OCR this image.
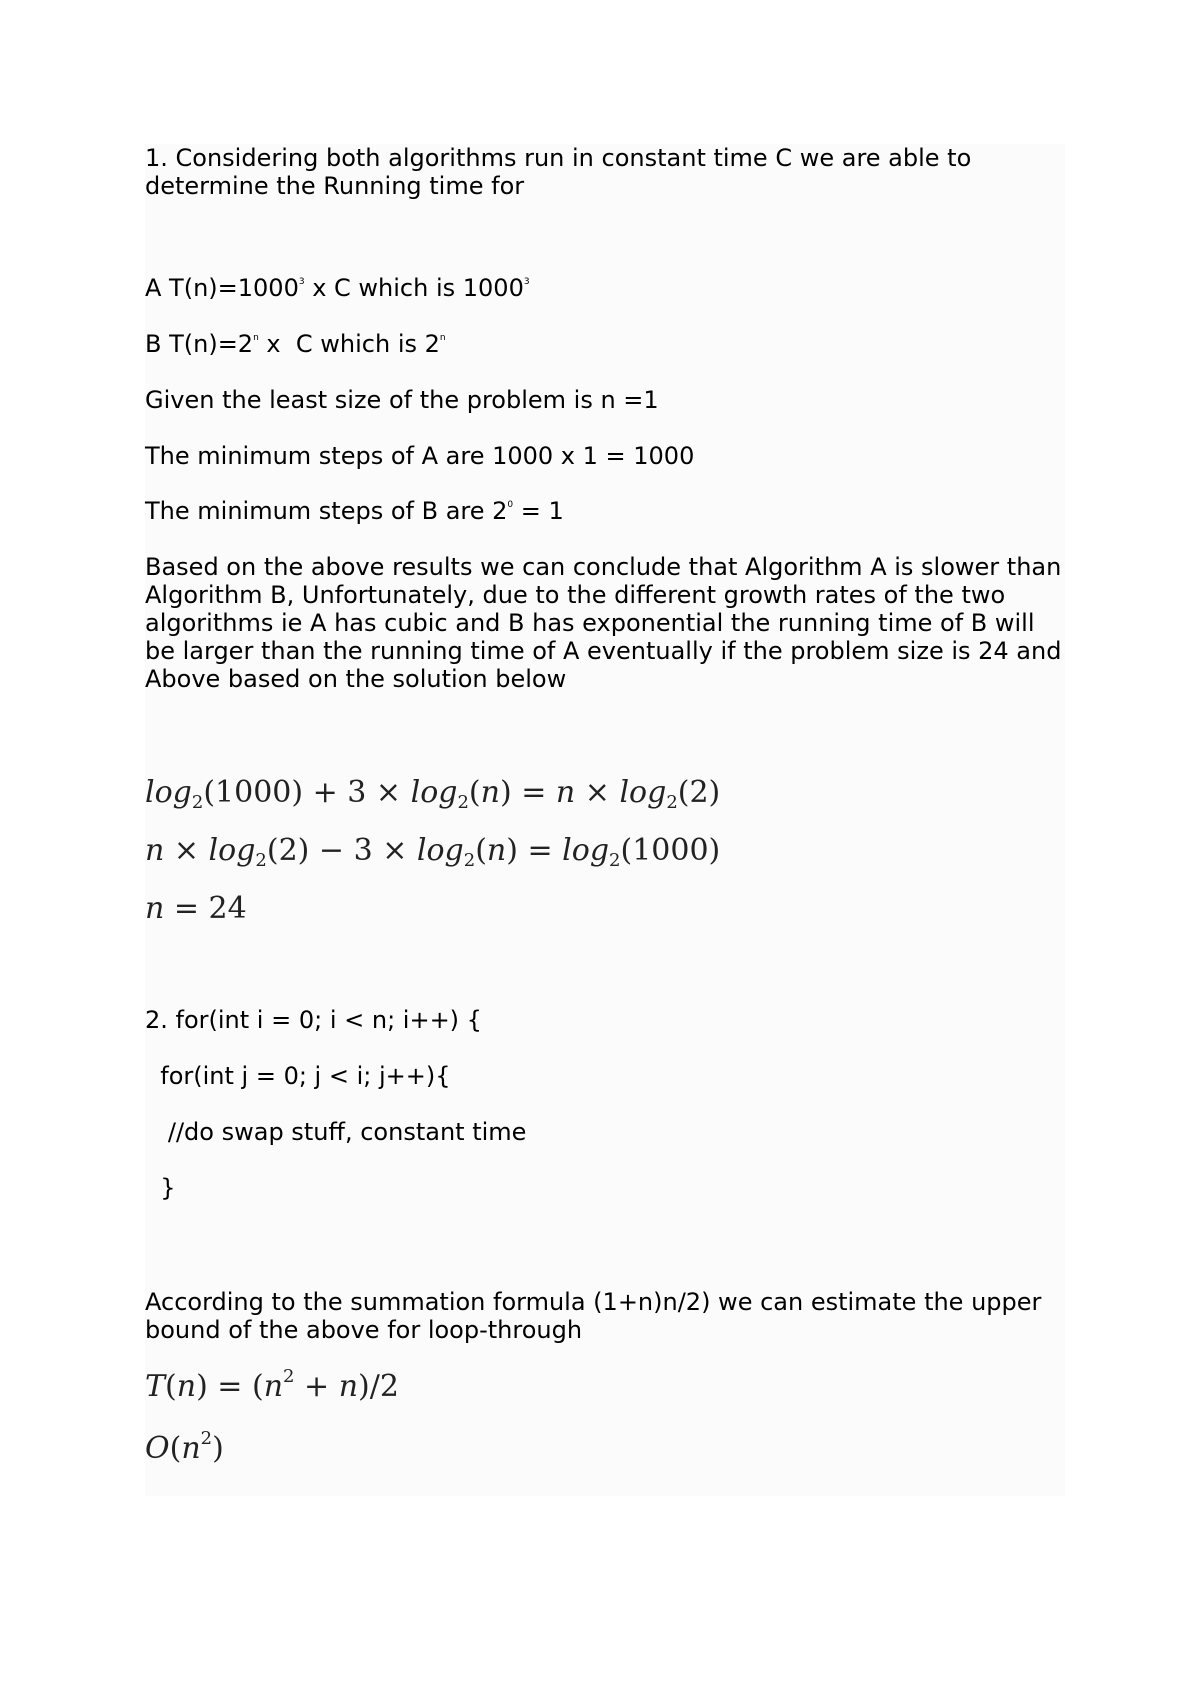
1. Considering both algorithms run in constant time C we are able to determine the Running time for

A $T(n)=1000^3$ x C which is 1000$^3$

B $T(n)=2^n$ x  C which is 2$^n$

Given the least size of the problem is n =1

The minimum steps of A are 1000 x 1 = 1000

The minimum steps of B are $2^0 = 1$

Based on the above results we can conclude that Algorithm A is slower than Algorithm B, Unfortunately, due to the different growth rates of the two algorithms ie A has cubic and B has exponential the running time of B will be larger than the running time of A eventually if the problem size is 24 and Above based on the solution below

$\log_2(1000) + 3 \times \log_2(n) = n \times \log_2(2)$
$n \times \log_2(2) - 3 \times \log_2(n) = \log_2(1000)$
n = 24

2. for(int i = 0; i < n; i++) {

for(int j = 0; j < i; j++){

//do swap stuff, constant time

}

According to the summation formula (1+n)n/2) we can estimate the upper bound of the above for loop-through

$T(n) = (n^2 + n)/2$
$O(n^2)$
